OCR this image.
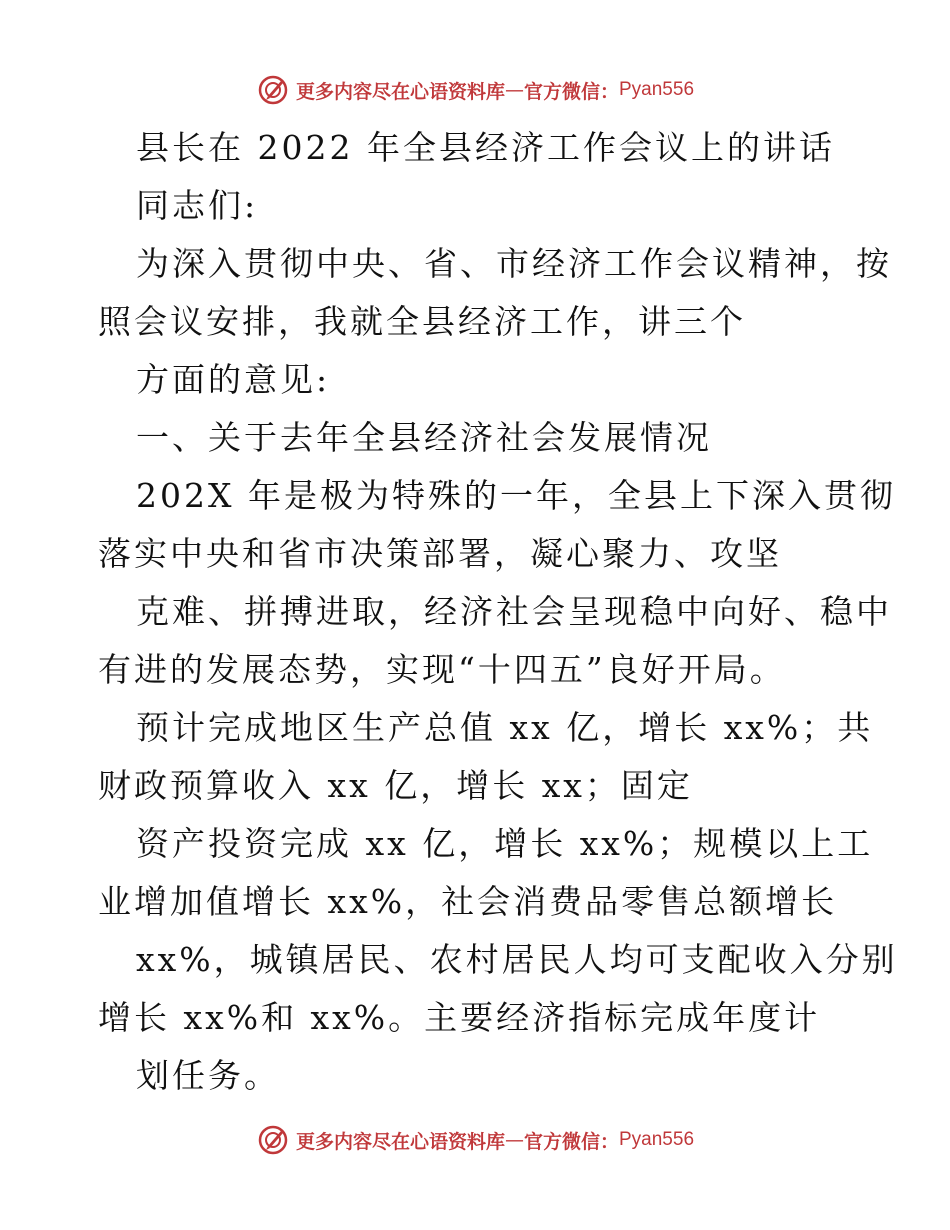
更多内容尽在心语资料库 — 官方微信： Pyan556
县长在 2022 年全县经济工作会议上的讲话
同志们:
为深入贯彻中央、省、市经济工作会议精神，按
照会议安排，我就全县经济工作，讲三个
方面的意见:
一、关于去年全县经济社会发展情况
202X 年是极为特殊的一年，全县上下深入贯彻
落实中央和省市决策部署，凝心聚力、攻坚
克难、拼搏进取，经济社会呈现稳中向好、稳中
有进的发展态势，实现“十四五”良好开局。
预计完成地区生产总值 xx 亿，增长 xx%；共
财政预算收入 xx 亿，增长 xx；固定
资产投资完成 xx 亿，增长 xx%；规模以上工
业增加值增长 xx%，社会消费品零售总额增长
xx%，城镇居民、农村居民人均可支配收入分别
增长 xx%和 xx%。主要经济指标完成年度计
划任务。
更多内容尽在心语资料库 — 官方微信： Pyan556
